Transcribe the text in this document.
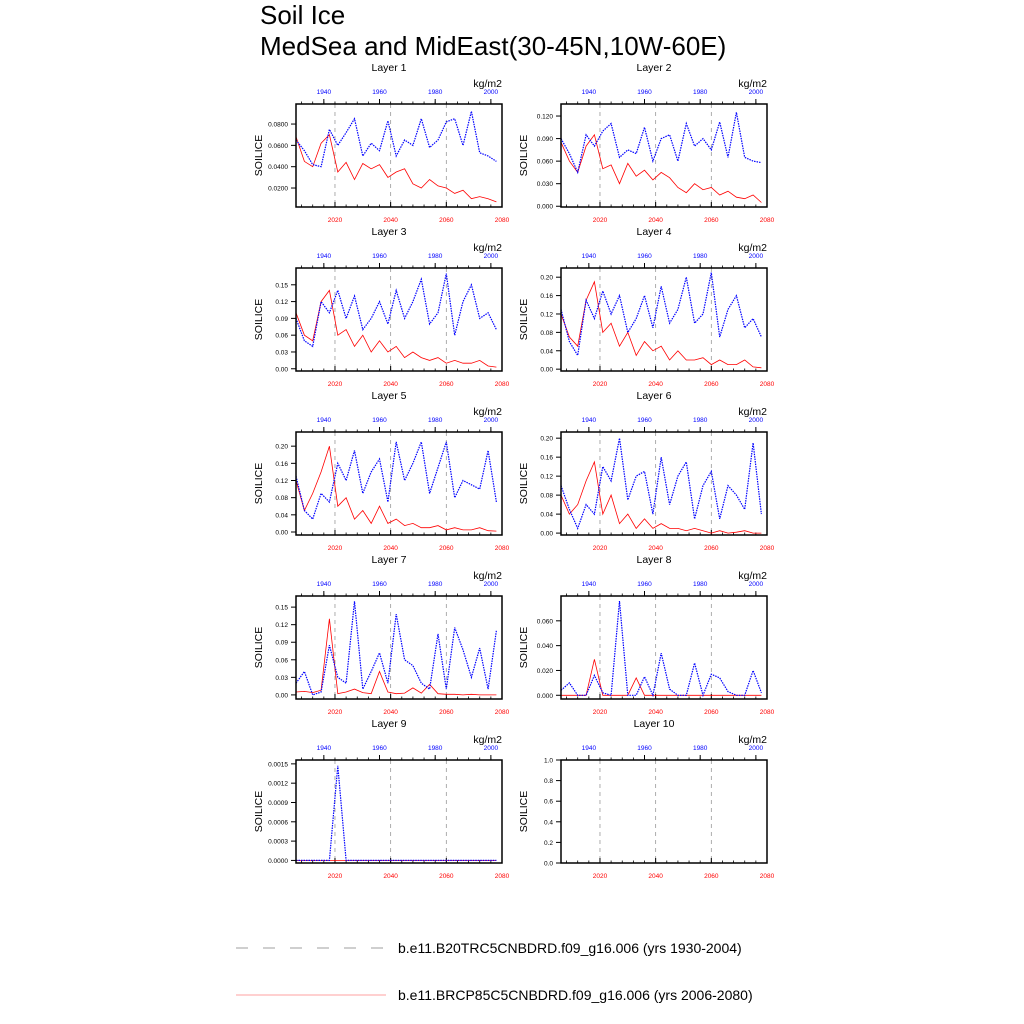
Soil Ice
MedSea and MidEast(30-45N,10W-60E)
Layer 1
kg/m2
SOILICE
2020	2040	2060	2080
1940	1960	1980	2000
0.0200
0.0400
0.0600
0.0800
Layer 2
kg/m2
SOILICE
2020	2040	2060	2080
1940	1960	1980	2000
0.000
0.030
0.060
0.090
0.120
Layer 3
kg/m2
SOILICE
2020	2040	2060	2080
1940	1960	1980	2000
0.00
0.03
0.06
0.09
0.12
0.15
Layer 4
kg/m2
SOILICE
2020	2040	2060	2080
1940	1960	1980	2000
0.00
0.04
0.08
0.12
0.16
0.20
Layer 5
kg/m2
SOILICE
2020	2040	2060	2080
1940	1960	1980	2000
0.00
0.04
0.08
0.12
0.16
0.20
Layer 6
kg/m2
SOILICE
2020	2040	2060	2080
1940	1960	1980	2000
0.00
0.04
0.08
0.12
0.16
0.20
Layer 7
kg/m2
SOILICE
2020	2040	2060	2080
1940	1960	1980	2000
0.00
0.03
0.06
0.09
0.12
0.15
Layer 8
kg/m2
SOILICE
2020	2040	2060	2080
1940	1960	1980	2000
0.000
0.020
0.040
0.060
Layer 9
kg/m2
SOILICE
2020	2040	2060	2080
1940	1960	1980	2000
0.0000
0.0003
0.0006
0.0009
0.0012
0.0015
Layer 10
kg/m2
SOILICE
2020	2040	2060	2080
1940	1960	1980	2000
0.0
0.2
0.4
0.6
0.8
1.0
b.e11.B20TRC5CNBDRD.f09_g16.006 (yrs 1930-2004)
b.e11.BRCP85C5CNBDRD.f09_g16.006 (yrs 2006-2080)
